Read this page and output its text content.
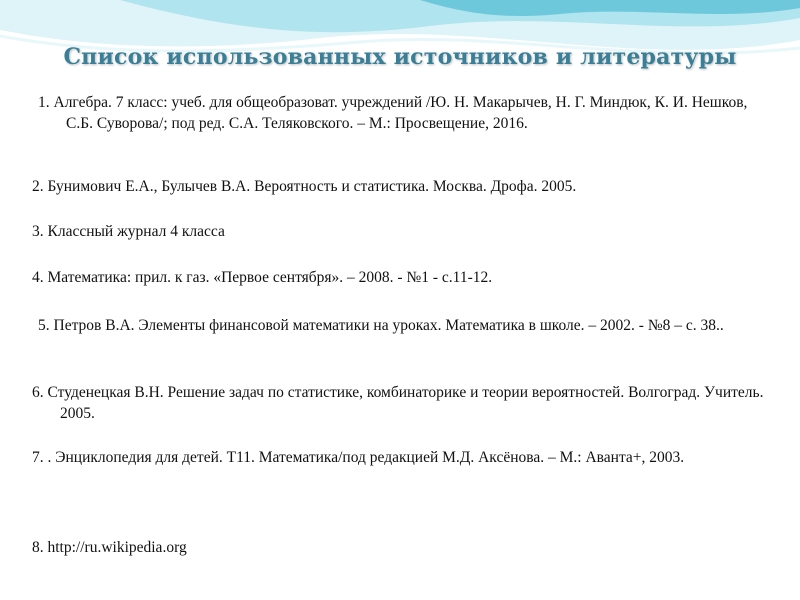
Список использованных источников и литературы
1. Алгебра. 7 класс: учеб. для общеобразоват. учреждений /Ю. Н. Макарычев, Н. Г. Миндюк, К. И. Нешков, С.Б. Суворова/; под ред. С.А. Теляковского. – М.: Просвещение, 2016.
2. Бунимович Е.А., Булычев В.А. Вероятность и статистика. Москва. Дрофа. 2005.
3. Классный журнал 4 класса
4. Математика: прил. к газ. «Первое сентября». – 2008. - №1 - с.11-12.
5. Петров В.А. Элементы финансовой математики на уроках. Математика в школе. – 2002. - №8 – с. 38..
6. Студенецкая В.Н. Решение задач по статистике, комбинаторике и теории вероятностей. Волгоград. Учитель. 2005.
7. . Энциклопедия для детей. Т11. Математика/под редакцией М.Д. Аксёнова. – М.: Аванта+, 2003.
8. http://ru.wikipedia.org
